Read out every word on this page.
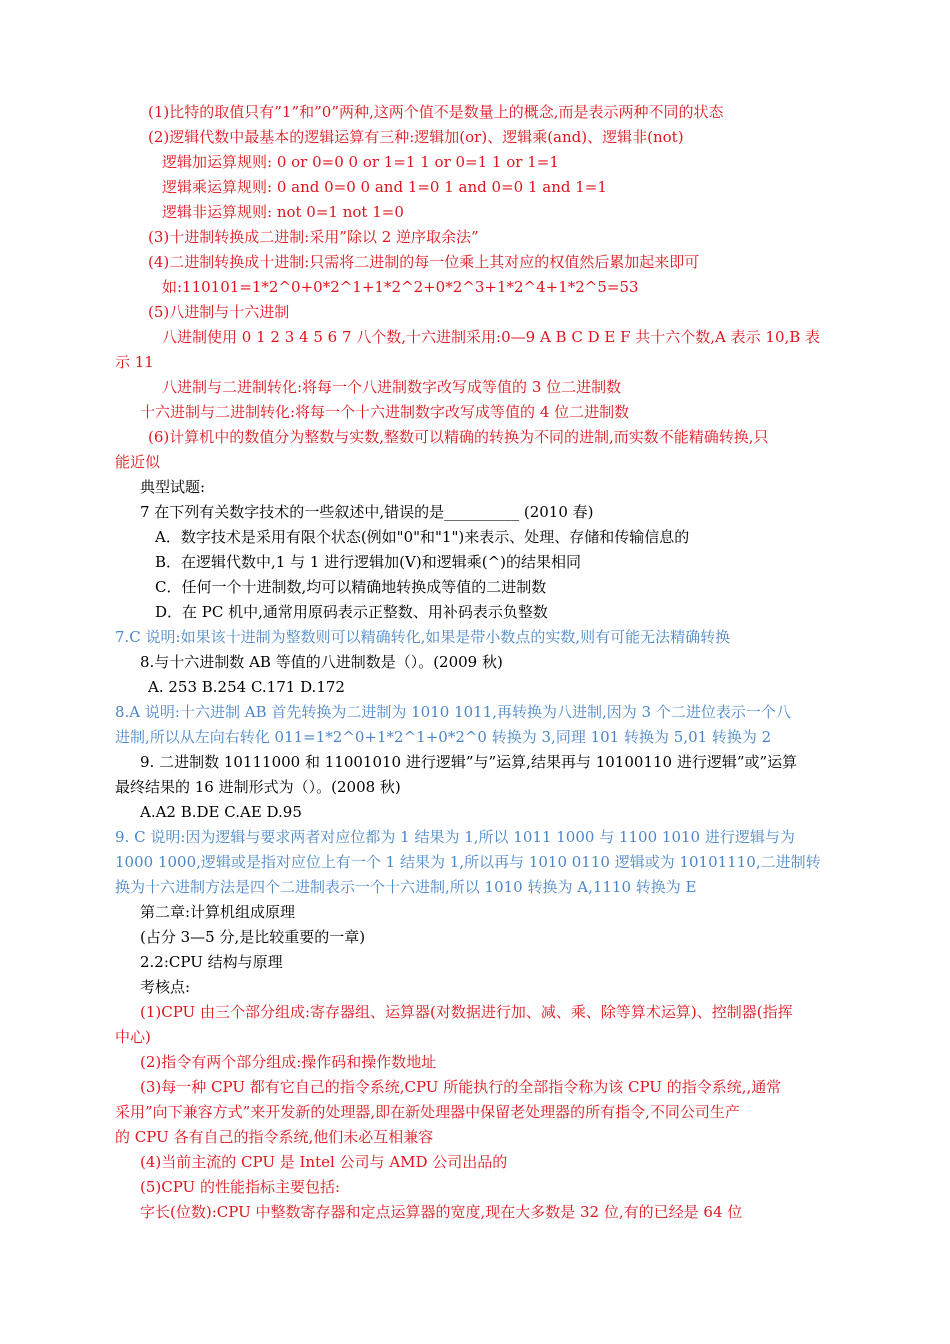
(1)比特的取值只有”1”和”0”两种,这两个值不是数量上的概念,而是表示两种不同的状态
(2)逻辑代数中最基本的逻辑运算有三种:逻辑加(or)、逻辑乘(and)、逻辑非(not)
逻辑加运算规则: 0 or 0=0 0 or 1=1 1 or 0=1 1 or 1=1
逻辑乘运算规则: 0 and 0=0 0 and 1=0 1 and 0=0 1 and 1=1
逻辑非运算规则: not 0=1 not 1=0
(3)十进制转换成二进制:采用”除以 2 逆序取余法”
(4)二进制转换成十进制:只需将二进制的每一位乘上其对应的权值然后累加起来即可
如:110101=1*2^0+0*2^1+1*2^2+0*2^3+1*2^4+1*2^5=53
(5)八进制与十六进制
八进制使用 0 1 2 3 4 5 6 7 八个数,十六进制采用:0—9 A B C D E F 共十六个数,A 表示 10,B 表
示 11
八进制与二进制转化:将每一个八进制数字改写成等值的 3 位二进制数
十六进制与二进制转化:将每一个十六进制数字改写成等值的 4 位二进制数
(6)计算机中的数值分为整数与实数,整数可以精确的转换为不同的进制,而实数不能精确转换,只
能近似
典型试题:
7 在下列有关数字技术的一些叙述中,错误的是__________ (2010 春)
A．数字技术是采用有限个状态(例如"0"和"1")来表示、处理、存储和传输信息的
B．在逻辑代数中,1 与 1 进行逻辑加(V)和逻辑乘(^)的结果相同
C．任何一个十进制数,均可以精确地转换成等值的二进制数
D．在 PC 机中,通常用原码表示正整数、用补码表示负整数
7.C 说明:如果该十进制为整数则可以精确转化,如果是带小数点的实数,则有可能无法精确转换
8.与十六进制数 AB 等值的八进制数是（）。(2009 秋)
A. 253 B.254 C.171 D.172
8.A 说明:十六进制 AB 首先转换为二进制为 1010 1011,再转换为八进制,因为 3 个二进位表示一个八
进制,所以从左向右转化 011=1*2^0+1*2^1+0*2^0 转换为 3,同理 101 转换为 5,01 转换为 2
9. 二进制数 10111000 和 11001010 进行逻辑”与”运算,结果再与 10100110 进行逻辑”或”运算
最终结果的 16 进制形式为（）。(2008 秋)
A.A2 B.DE C.AE D.95
9. C 说明:因为逻辑与要求两者对应位都为 1 结果为 1,所以 1011 1000 与 1100 1010 进行逻辑与为
1000 1000,逻辑或是指对应位上有一个 1 结果为 1,所以再与 1010 0110 逻辑或为 10101110,二进制转
换为十六进制方法是四个二进制表示一个十六进制,所以 1010 转换为 A,1110 转换为 E
第二章:计算机组成原理
(占分 3—5 分,是比较重要的一章)
2.2:CPU 结构与原理
考核点:
(1)CPU 由三个部分组成:寄存器组、运算器(对数据进行加、减、乘、除等算术运算)、控制器(指挥
中心)
(2)指令有两个部分组成:操作码和操作数地址
(3)每一种 CPU 都有它自己的指令系统,CPU 所能执行的全部指令称为该 CPU 的指令系统,,通常
采用”向下兼容方式”来开发新的处理器,即在新处理器中保留老处理器的所有指令,不同公司生产
的 CPU 各有自己的指令系统,他们未必互相兼容
(4)当前主流的 CPU 是 Intel 公司与 AMD 公司出品的
(5)CPU 的性能指标主要包括:
字长(位数):CPU 中整数寄存器和定点运算器的宽度,现在大多数是 32 位,有的已经是 64 位
